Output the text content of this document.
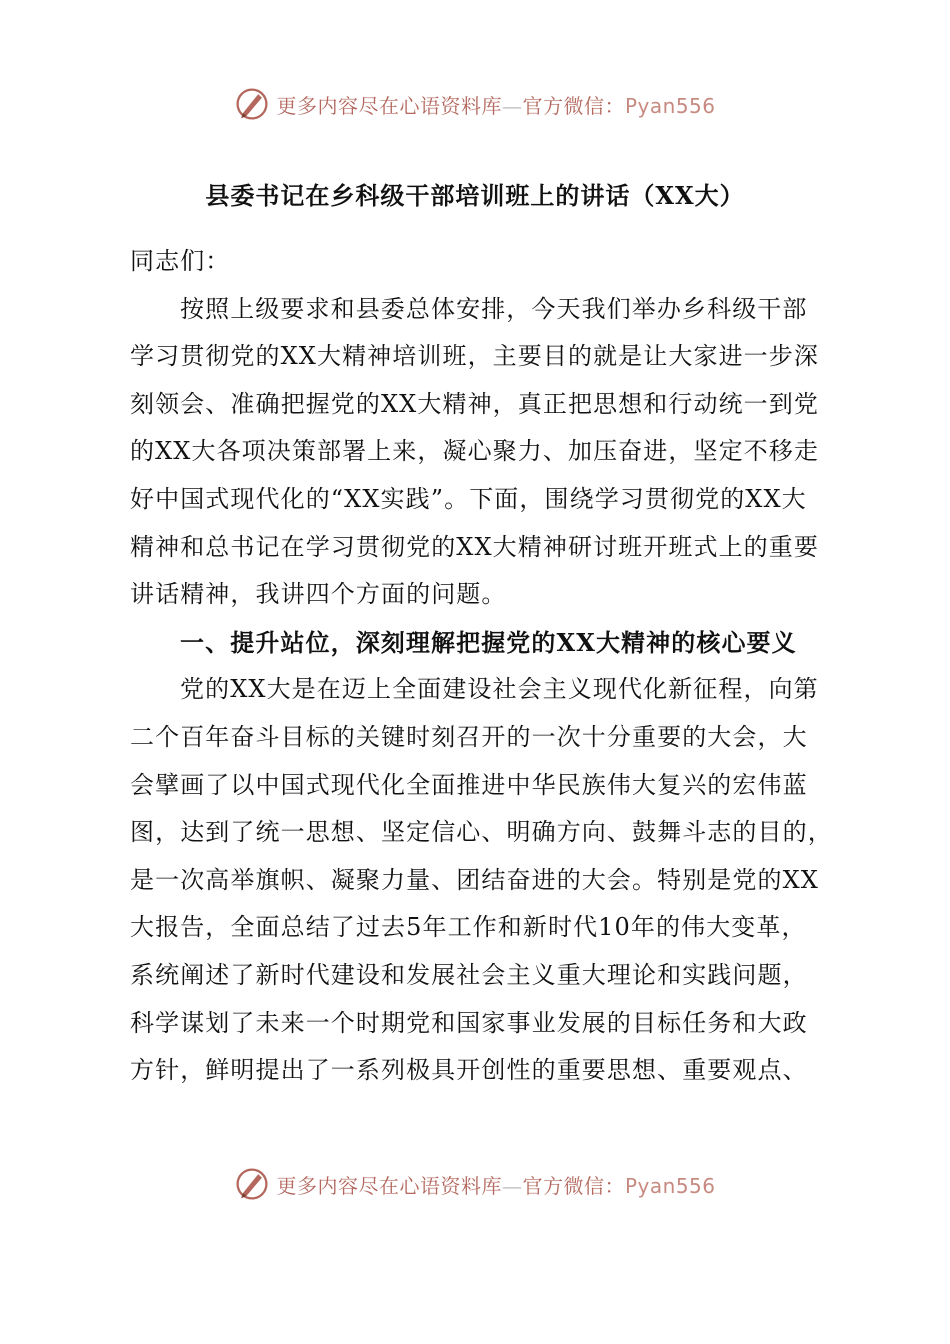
更多内容尽在心语资料库—官方微信：Pyan556
县委书记在乡科级干部培训班上的讲话（XX大）
同志们：
按照上级要求和县委总体安排，今天我们举办乡科级干部
学习贯彻党的XX大精神培训班，主要目的就是让大家进一步深
刻领会、准确把握党的XX大精神，真正把思想和行动统一到党
的XX大各项决策部署上来，凝心聚力、加压奋进，坚定不移走
好中国式现代化的“XX实践”。下面，围绕学习贯彻党的XX大
精神和总书记在学习贯彻党的XX大精神研讨班开班式上的重要
讲话精神，我讲四个方面的问题。
一、提升站位，深刻理解把握党的XX大精神的核心要义
党的XX大是在迈上全面建设社会主义现代化新征程，向第
二个百年奋斗目标的关键时刻召开的一次十分重要的大会，大
会擘画了以中国式现代化全面推进中华民族伟大复兴的宏伟蓝
图，达到了统一思想、坚定信心、明确方向、鼓舞斗志的目的，
是一次高举旗帜、凝聚力量、团结奋进的大会。特别是党的XX
大报告，全面总结了过去5年工作和新时代10年的伟大变革，
系统阐述了新时代建设和发展社会主义重大理论和实践问题，
科学谋划了未来一个时期党和国家事业发展的目标任务和大政
方针，鲜明提出了一系列极具开创性的重要思想、重要观点、
更多内容尽在心语资料库—官方微信：Pyan556
